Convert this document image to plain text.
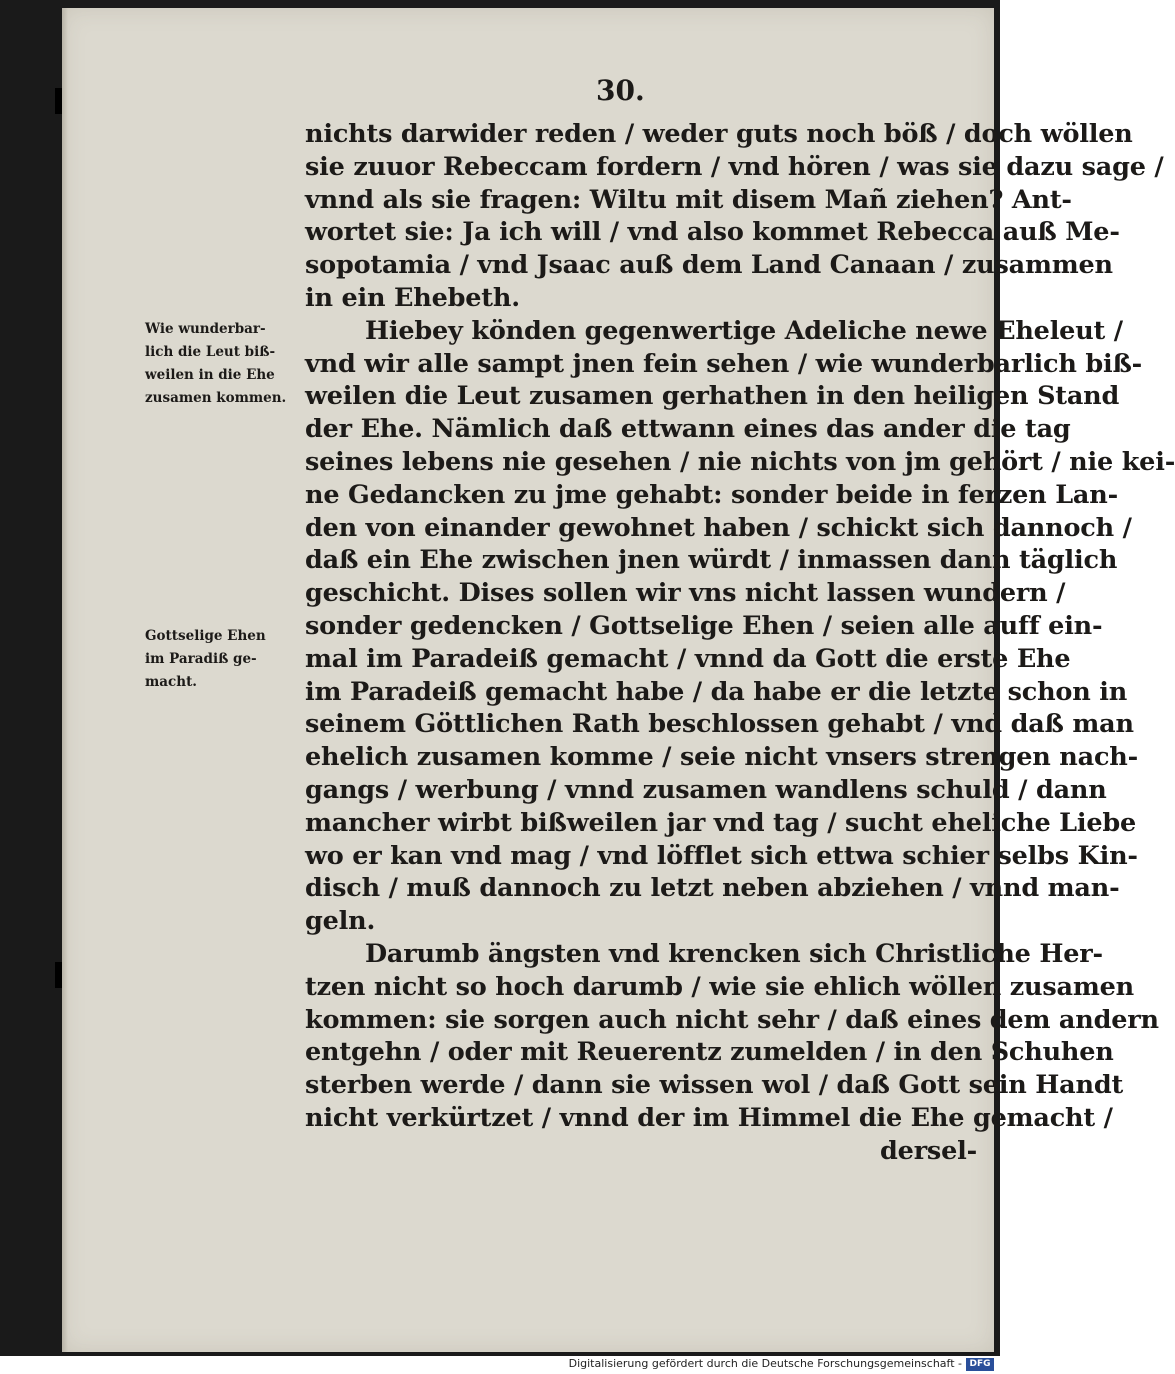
30.
Wie wunderbar-
lich die Leut biß-
weilen in die Ehe
zusamen kommen.
Gottselige Ehen
im Paradiß ge-
macht.
nichts darwider reden / weder guts noch böß / doch wöllen
sie zuuor Rebeccam fordern / vnd hören / was sie dazu sage /
vnnd als sie fragen: Wiltu mit disem Mañ ziehen? Ant-
wortet sie: Ja ich will / vnd also kommet Rebecca auß Me-
sopotamia / vnd Jsaac auß dem Land Canaan / zusammen
in ein Ehebeth.
Hiebey könden gegenwertige Adeliche newe Eheleut /
vnd wir alle sampt jnen fein sehen / wie wunderbarlich biß-
weilen die Leut zusamen gerhathen in den heiligen Stand
der Ehe. Nämlich daß ettwann eines das ander die tag
seines lebens nie gesehen / nie nichts von jm gehört / nie kei-
ne Gedancken zu jme gehabt: sonder beide in ferzen Lan-
den von einander gewohnet haben / schickt sich dannoch /
daß ein Ehe zwischen jnen würdt / inmassen dann täglich
geschicht. Dises sollen wir vns nicht lassen wundern /
sonder gedencken / Gottselige Ehen / seien alle auff ein-
mal im Paradeiß gemacht / vnnd da Gott die erste Ehe
im Paradeiß gemacht habe / da habe er die letzte schon in
seinem Göttlichen Rath beschlossen gehabt / vnd daß man
ehelich zusamen komme / seie nicht vnsers strengen nach-
gangs / werbung / vnnd zusamen wandlens schuld / dann
mancher wirbt bißweilen jar vnd tag / sucht eheliche Liebe
wo er kan vnd mag / vnd löfflet sich ettwa schier selbs Kin-
disch / muß dannoch zu letzt neben abziehen / vnnd man-
geln.
Darumb ängsten vnd krencken sich Christliche Her-
tzen nicht so hoch darumb / wie sie ehlich wöllen zusamen
kommen: sie sorgen auch nicht sehr / daß eines dem andern
entgehn / oder mit Reuerentz zumelden / in den Schuhen
sterben werde / dann sie wissen wol / daß Gott sein Handt
nicht verkürtzet / vnnd der im Himmel die Ehe gemacht /
dersel-
Digitalisierung gefördert durch die Deutsche Forschungsgemeinschaft - DFG
